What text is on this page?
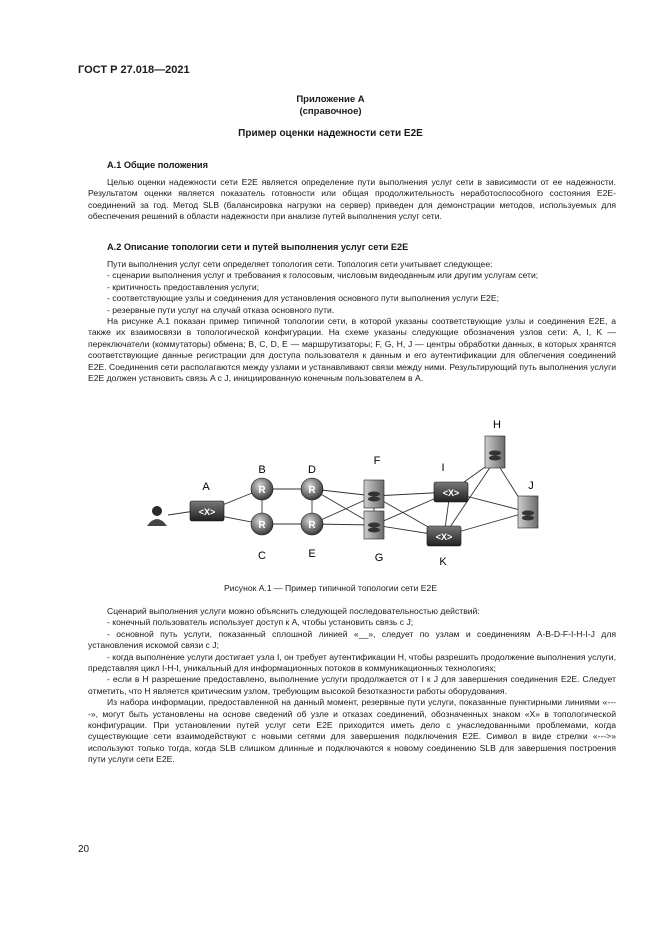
ГОСТ Р 27.018—2021
Приложение А
(справочное)
Пример оценки надежности сети E2E
А.1 Общие положения

Целью оценки надежности сети E2E является определение пути выполнения услуг сети в зависимости от ее надежности. Результатом оценки является показатель готовности или общая продолжительность неработоспособного состояния E2E-соединений за год. Метод SLB (балансировка нагрузки на сервер) приведен для демонстрации методов, используемых для обеспечения решений в области надежности при анализе путей выполнения услуг сети.

А.2 Описание топологии сети и путей выполнения услуг сети E2E

Пути выполнения услуг сети определяет топология сети. Топология сети учитывает следующее:

- сценарии выполнения услуг и требования к голосовым, числовым видеоданным или другим услугам сети;

- критичность предоставления услуги;

- соответствующие узлы и соединения для установления основного пути выполнения услуги E2E;

- резервные пути услуг на случай отказа основного пути.

На рисунке А.1 показан пример типичной топологии сети, в которой указаны соответствующие узлы и соединения E2E, а также их взаимосвязи в топологической конфигурации. На схеме указаны следующие обозначения узлов сети: A, I, K — переключатели (коммутаторы) обмена; B, C, D, E — маршрутизаторы; F, G, H, J — центры обработки данных, в которых хранятся соответствующие данные регистрации для доступа пользователя к данным и его аутентификации для облегчения соединений E2E. Соединения сети располагаются между узлами и устанавливают связи между ними. Результирующий путь выполнения услуги E2E должен установить связь A с J, инициированную конечным пользователем в A.

<X>
A	R
B
R
C
R
D
R
E
F
G
<X>
I
<X>
K
H
J
Рисунок А.1 — Пример типичной топологии сети E2E

Сценарий выполнения услуги можно объяснить следующей последовательностью действий:

- конечный пользователь использует доступ к A, чтобы установить связь с J;

- основной путь услуги, показанный сплошной линией «__», следует по узлам и соединениям A-B-D-F-I-H-I-J для установления искомой связи с J;

- когда выполнение услуги достигает узла I, он требует аутентификации H, чтобы разрешить продолжение выполнения услуги, представляя цикл I-H-I, уникальный для информационных потоков в коммуникационных технологиях;

- если в H разрешение предоставлено, выполнение услуги продолжается от I к J для завершения соединения E2E. Следует отметить, что H является критическим узлом, требующим высокой безотказности работы оборудования.

Из набора информации, предоставленной на данный момент, резервные пути услуги, показанные пунктирными линиями «----», могут быть установлены на основе сведений об узле и отказах соединений, обозначенных знаком «X» в топологической конфигурации. При установлении путей услуг сети E2E приходится иметь дело с унаследованными проблемами, когда существующие сети взаимодействуют с новыми сетями для завершения подключения E2E. Символ в виде стрелки «--->» используют только тогда, когда SLB слишком длинные и подключаются к новому соединению SLB для завершения построения пути услуги сети E2E.

20
